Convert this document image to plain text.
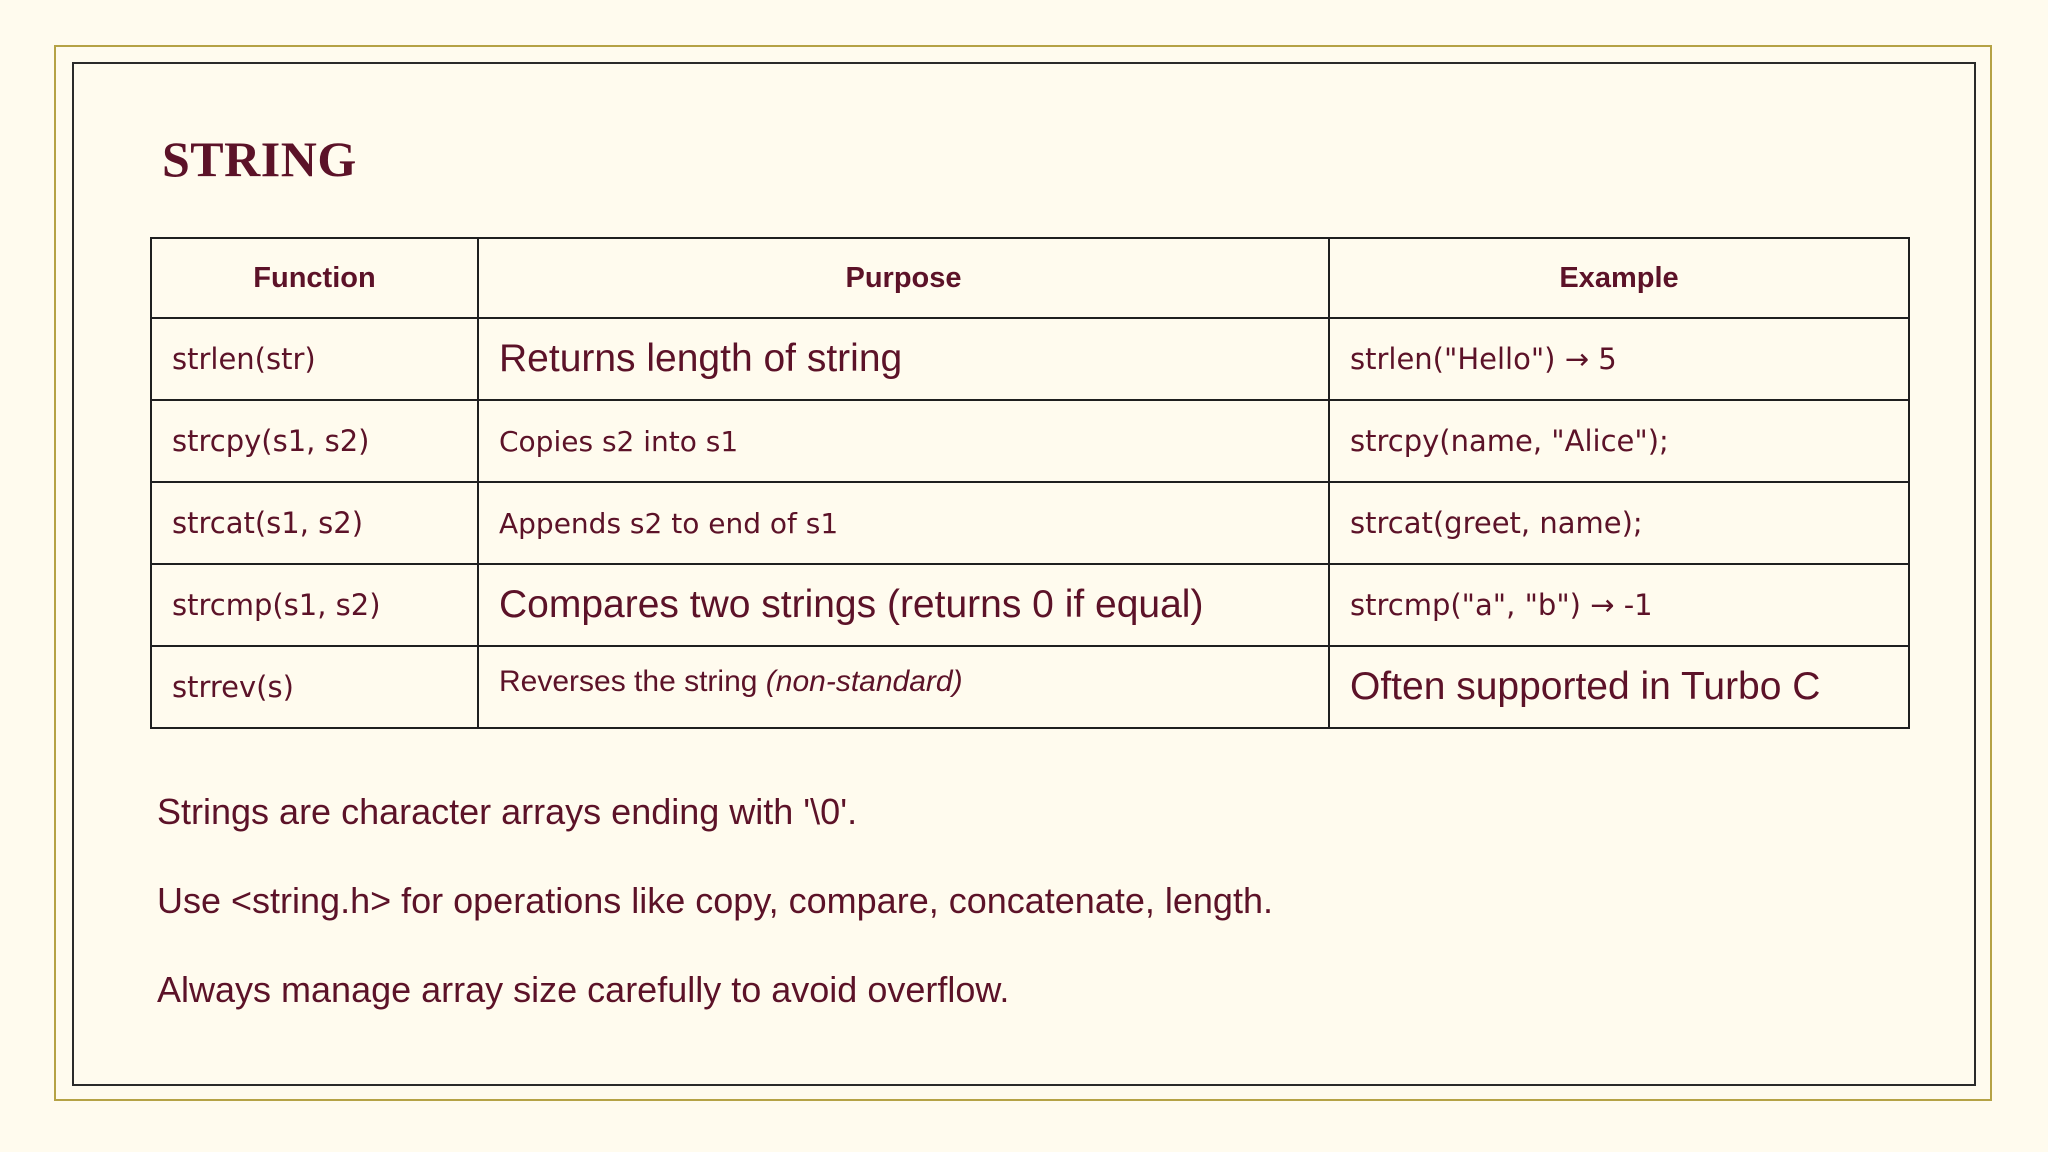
STRING
Function	Purpose	Example
strlen(str)	Returns length of string	strlen("Hello") → 5
strcpy(s1, s2)	Copies s2 into s1	strcpy(name, "Alice");
strcat(s1, s2)	Appends s2 to end of s1	strcat(greet, name);
strcmp(s1, s2)	Compares two strings (returns 0 if equal)	strcmp("a", "b") → -1
strrev(s)	Reverses the string (non-standard)	Often supported in Turbo C

Strings are character arrays ending with '\0'.

Use <string.h> for operations like copy, compare, concatenate, length.

Always manage array size carefully to avoid overflow.
